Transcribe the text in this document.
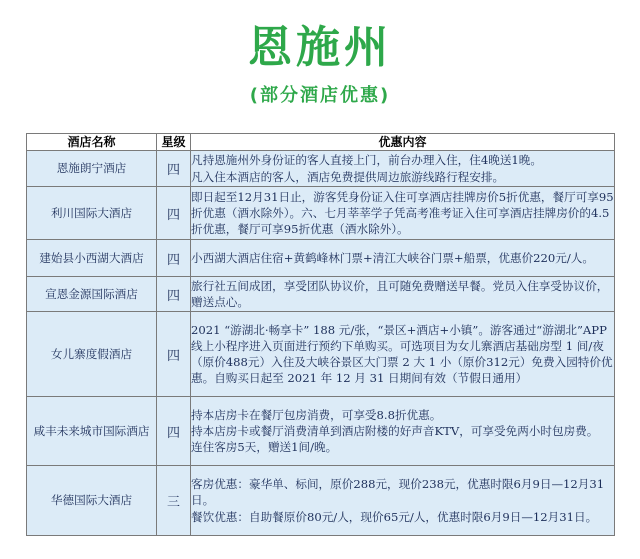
恩施州
(部分酒店优惠)
酒店名称	星级	优惠内容
恩施朗宁酒店	四	凡持恩施州外身份证的客人直接上门，前台办理入住，住4晚送1晚。
凡入住本酒店的客人，酒店免费提供周边旅游线路行程安排。

利川国际大酒店	四	即日起至12月31日止，游客凭身份证入住可享酒店挂牌房价5折优惠，餐厅可享95折优惠（酒水除外）。六、七月莘莘学子凭高考准考证入住可享酒店挂牌房价的4.5折优惠，餐厅可享95折优惠（酒水除外）。

建始县小西湖大酒店	四	小西湖大酒店住宿+黄鹤峰林门票+清江大峡谷门票+船票，优惠价220元/人。

宣恩金源国际酒店	四	旅行社五间成团，享受团队协议价，且可随免费赠送早餐。党员入住享受协议价，赠送点心。

女儿寨度假酒店	四	2021 “游湖北·畅享卡” 188 元/张，“景区+酒店+小镇”。游客通过“游湖北”APP线上小程序进入页面进行预约下单购买。可选项目为女儿寨酒店基础房型 1 间/夜（原价488元）入住及大峡谷景区大门票 2 大 1 小（原价312元）免费入园特价优惠。自购买日起至 2021 年 12 月 31 日期间有效（节假日通用）

咸丰未来城市国际酒店	四	持本店房卡在餐厅包房消费，可享受8.8折优惠。
持本店房卡或餐厅消费清单到酒店附楼的好声音KTV，可享受免两小时包房费。
连住客房5天，赠送1间/晚。

华德国际大酒店	三	客房优惠：豪华单、标间，原价288元，现价238元，优惠时限6月9日—12月31日。
餐饮优惠：自助餐原价80元/人，现价65元/人，优惠时限6月9日—12月31日。
